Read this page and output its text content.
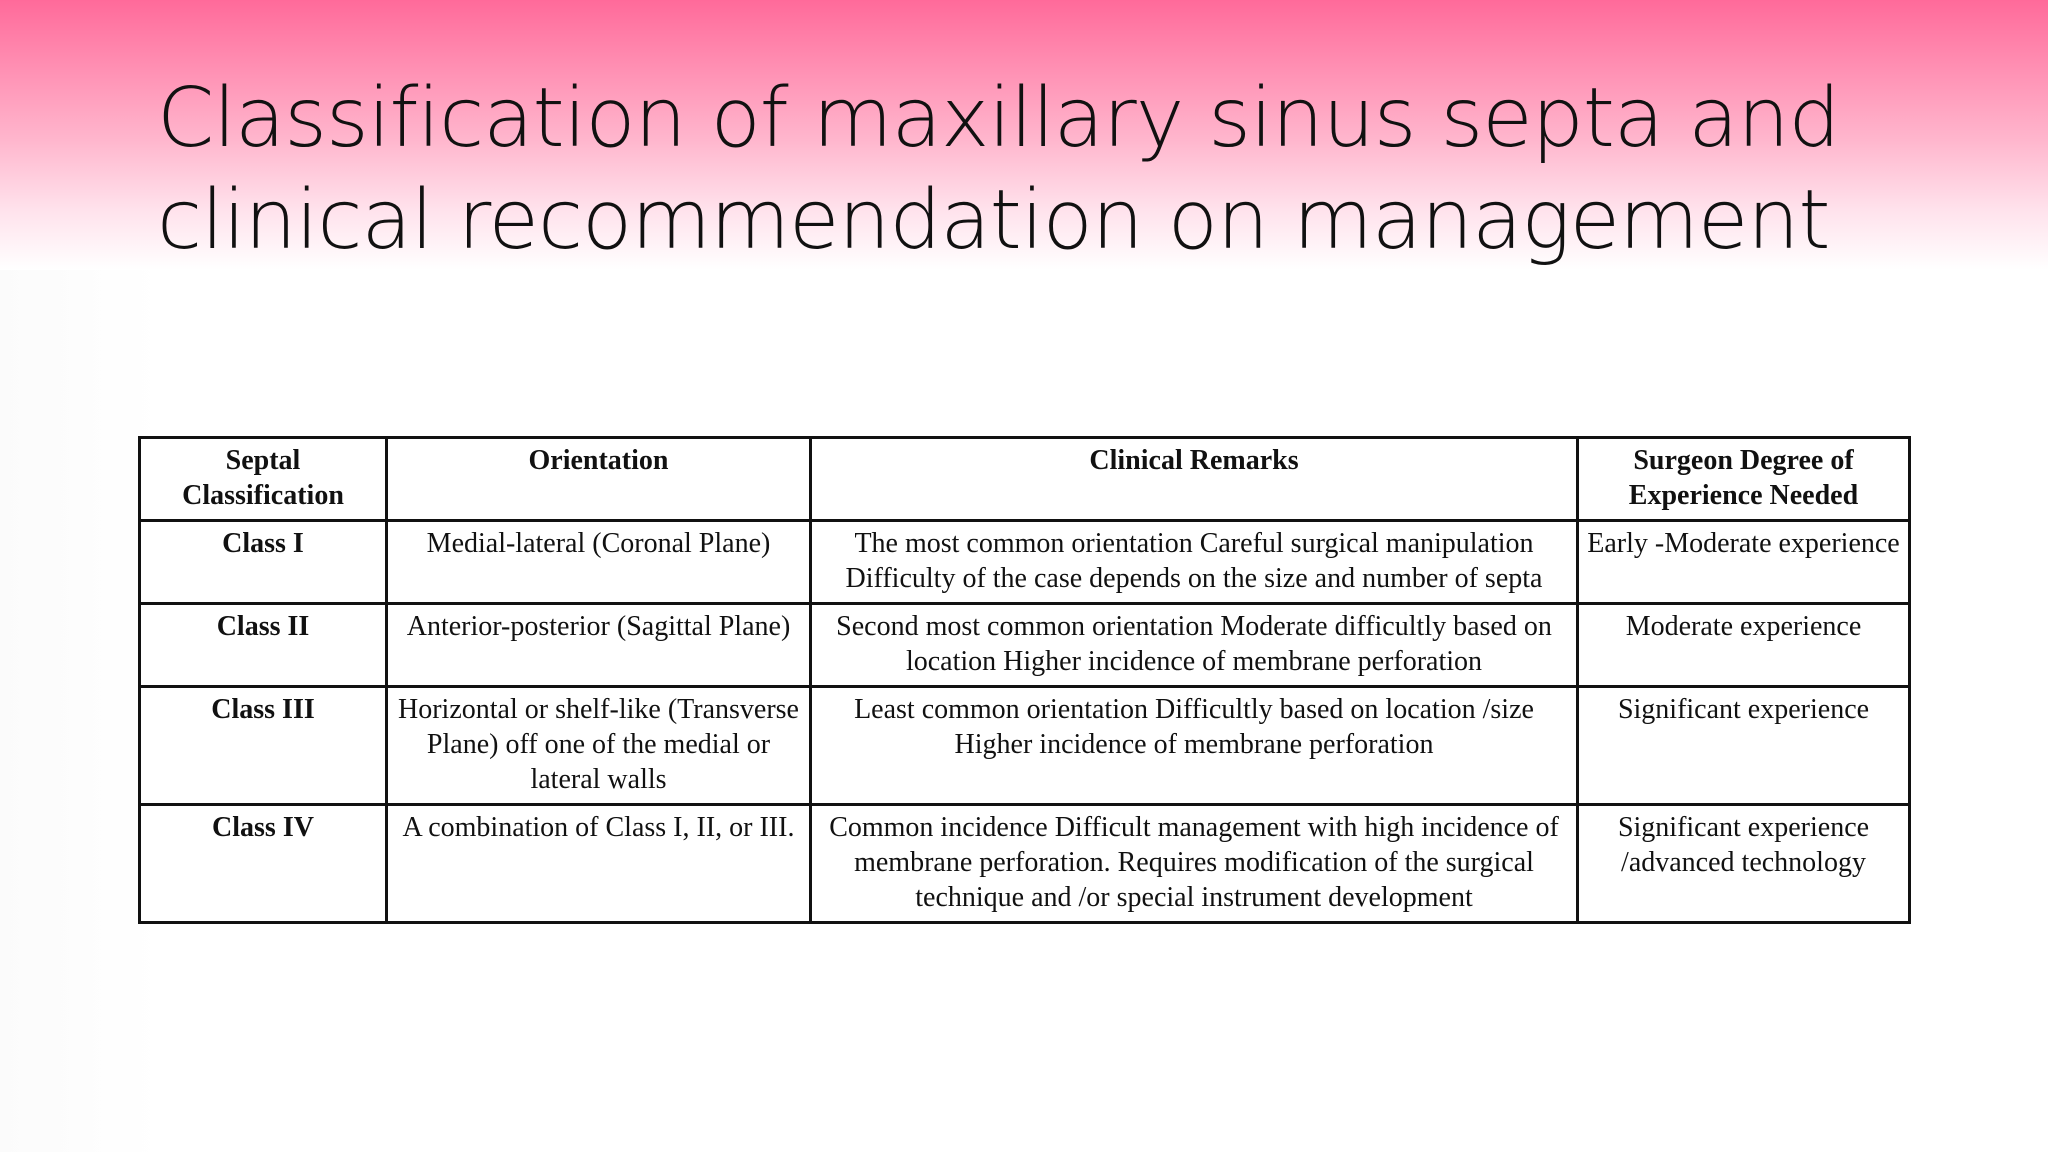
Classification of maxillary sinus septa and
clinical recommendation on management
Septal Classification	Orientation	Clinical Remarks	Surgeon Degree of Experience Needed
Class I	Medial-lateral (Coronal Plane)	The most common orientation Careful surgical manipulation Difficulty of the case depends on the size and number of septa	Early -Moderate experience
Class II	Anterior-posterior (Sagittal Plane)	Second most common orientation Moderate difficultly based on location Higher incidence of membrane perforation	Moderate experience
Class III	Horizontal or shelf-like (Transverse Plane) off one of the medial or lateral walls	Least common orientation Difficultly based on location /size Higher incidence of membrane perforation	Significant experience
Class IV	A combination of Class I, II, or III.	Common incidence Difficult management with high incidence of membrane perforation. Requires modification of the surgical technique and /or special instrument development	Significant experience /advanced technology
